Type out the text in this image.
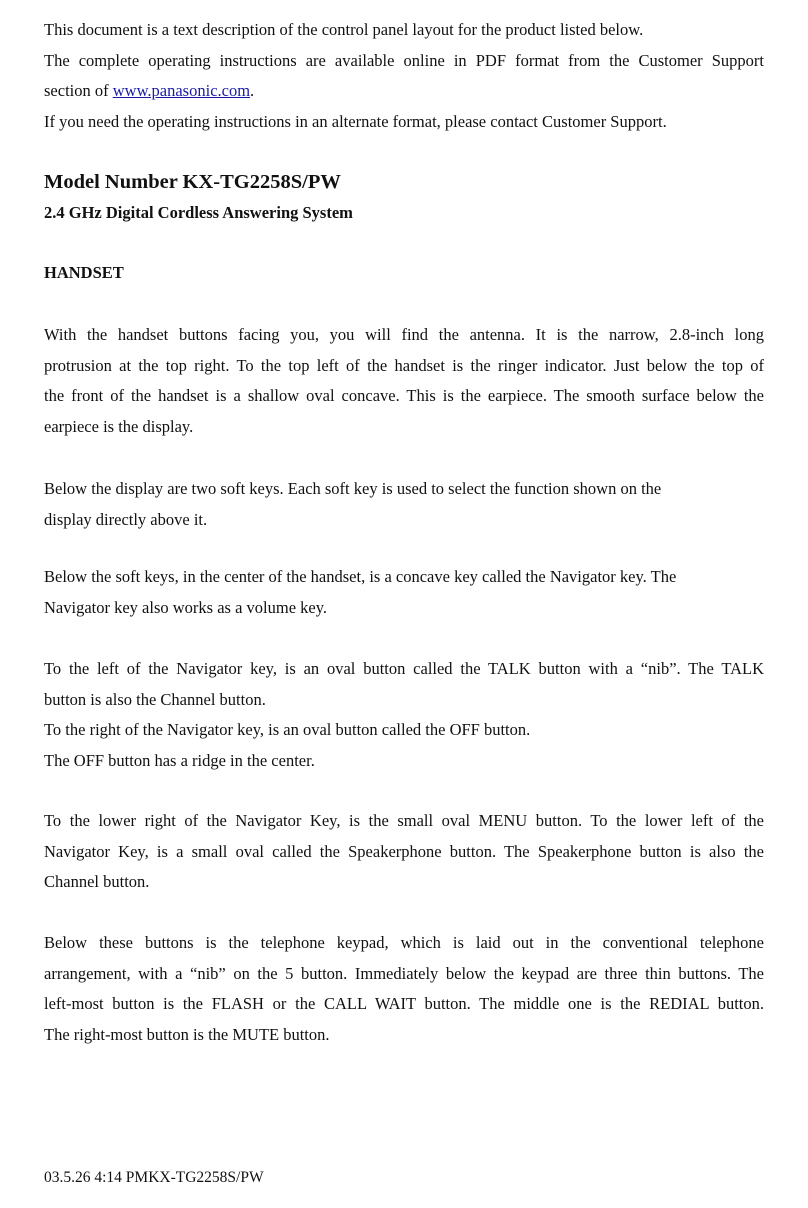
This document is a text description of the control panel layout for the product listed below.

The complete operating instructions are available online in PDF format from the Customer Support

section of www.panasonic.com.

If you need the operating instructions in an alternate format, please contact Customer Support.

Model Number KX-TG2258S/PW
2.4 GHz Digital Cordless Answering System
HANDSET

With the handset buttons facing you, you will find the antenna. It is the narrow, 2.8-inch long

protrusion at the top right. To the top left of the handset is the ringer indicator. Just below the top of

the front of the handset is a shallow oval concave. This is the earpiece. The smooth surface below the

earpiece is the display.

Below the display are two soft keys. Each soft key is used to select the function shown on the

display directly above it.

Below the soft keys, in the center of the handset, is a concave key called the Navigator key. The

Navigator key also works as a volume key.

To the left of the Navigator key, is an oval button called the TALK button with a “nib”. The TALK

button is also the Channel button.

To the right of the Navigator key, is an oval button called the OFF button.

The OFF button has a ridge in the center.

To the lower right of the Navigator Key, is the small oval MENU button. To the lower left of the

Navigator Key, is a small oval called the Speakerphone button. The Speakerphone button is also the

Channel button.

Below these buttons is the telephone keypad, which is laid out in the conventional telephone

arrangement, with a “nib” on the 5 button. Immediately below the keypad are three thin buttons. The

left-most button is the FLASH or the CALL WAIT button. The middle one is the REDIAL button.

The right-most button is the MUTE button.

03.5.26 4:14 PMKX-TG2258S/PW
